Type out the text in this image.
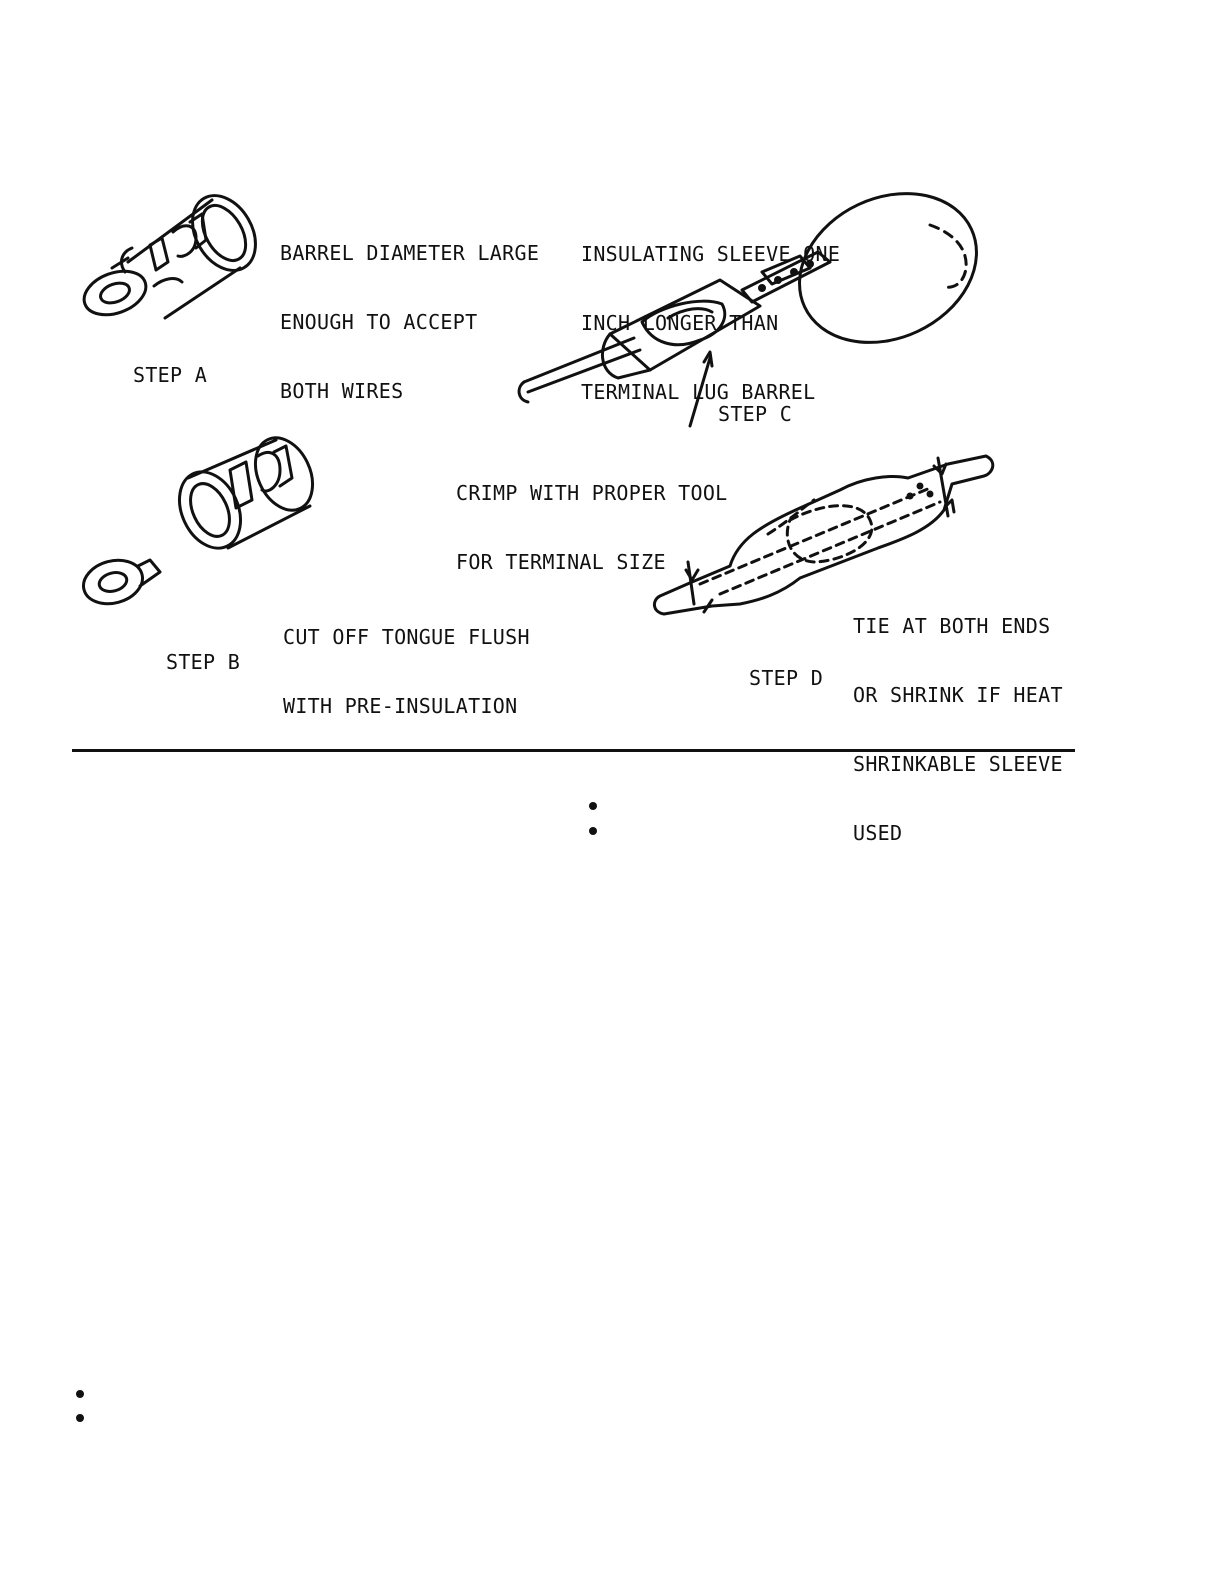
BARREL DIAMETER LARGE

ENOUGH TO ACCEPT

BOTH WIRES

STEP A

INSULATING SLEEVE ONE

INCH LONGER THAN

TERMINAL LUG BARREL

STEP C

CRIMP WITH PROPER TOOL

FOR TERMINAL SIZE

CUT OFF TONGUE FLUSH

WITH PRE-INSULATION

STEP B

TIE AT BOTH ENDS

OR SHRINK IF HEAT

SHRINKABLE SLEEVE

USED

STEP D
